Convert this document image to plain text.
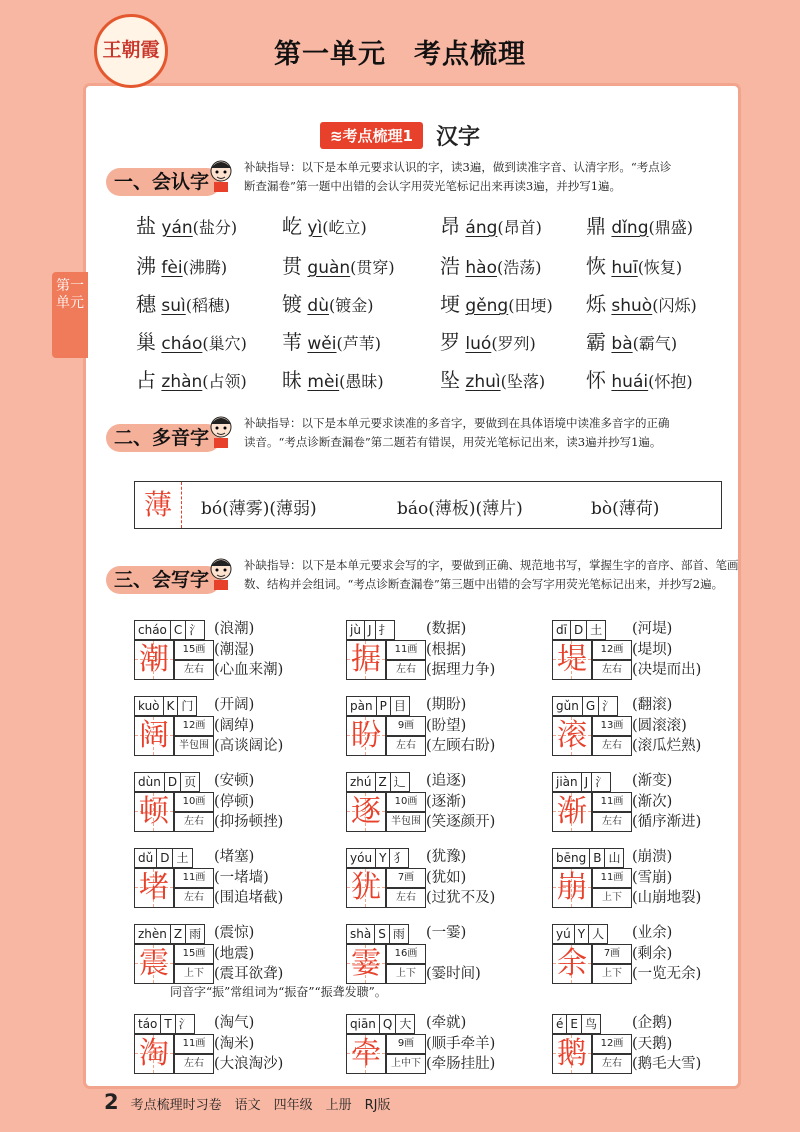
王朝霞	第一单元　考点梳理
第一单元
≋考点梳理1 汉字
一、会认字
补缺指导：以下是本单元要求认识的字，读3遍，做到读准字音、认清字形。“考点诊
断查漏卷”第一题中出错的会认字用荧光笔标记出来再读3遍，并抄写1遍。
盐 yán(盐分) 屹 yì(屹立)	昂 áng(昂首) 鼎 dǐng(鼎盛)
沸 fèi(沸腾)	贯 guàn(贯穿) 浩 hào(浩荡) 恢 huī(恢复)
穗 suì(稻穗)	镀 dù(镀金)	埂 gěng(田埂) 烁 shuò(闪烁)
巢 cháo(巢穴) 苇 wěi(芦苇)	罗 luó(罗列)	霸 bà(霸气)
占 zhàn(占领) 昧 mèi(愚昧)	坠 zhuì(坠落) 怀 huái(怀抱)
二、多音字
补缺指导：以下是本单元要求读准的多音字，要做到在具体语境中读准多音字的正确
读音。“考点诊断查漏卷”第二题若有错误，用荧光笔标记出来，读3遍并抄写1遍。
薄	bó(薄雾)(薄弱)	báo(薄板)(薄片)	bò(薄荷)
三、会写字
补缺指导：以下是本单元要求会写的字，要做到正确、规范地书写，掌握生字的音序、部首、笔画
数、结构并会组词。“考点诊断查漏卷”第三题中出错的会写字用荧光笔标记出来，并抄写2遍。
cháo C 氵
潮	15画
左右
(浪潮)
(潮湿)
(心血来潮)
jù J 扌
据	11画
左右
(数据)
(根据)
(据理力争)
dī D 土
堤	12画
左右
(河堤)
(堤坝)
(决堤而出)
kuò K 门
阔	12画
半包围
(开阔)
(阔绰)
(高谈阔论)
pàn P 目
盼	9画
左右
(期盼)
(盼望)
(左顾右盼)
gǔn G 氵
滚	13画
左右
(翻滚)
(圆滚滚)
(滚瓜烂熟)
dùn D 页
顿	10画
左右
(安顿)
(停顿)
(抑扬顿挫)
zhú Z 辶
逐	10画
半包围
(追逐)
(逐渐)
(笑逐颜开)
jiàn J 氵
渐	11画
左右
(渐变)
(渐次)
(循序渐进)
dǔ D 土
堵	11画
左右
(堵塞)
(一堵墙)
(围追堵截)
yóu Y 犭
犹	7画
左右
(犹豫)
(犹如)
(过犹不及)
bēng B 山
崩	11画
上下
(崩溃)
(雪崩)
(山崩地裂)
zhèn Z 雨
震	15画
上下
(震惊)
(地震)
(震耳欲聋)
shà S 雨
霎	16画
上下
(一霎)
(霎时间)
yú Y 人
余	7画
上下
(业余)
(剩余)
(一览无余)
táo T 氵
淘	11画
左右
(淘气)
(淘米)
(大浪淘沙)
qiān Q 大
牵	9画
上中下
(牵就)
(顺手牵羊)
(牵肠挂肚)
é E 鸟
鹅	12画
左右
(企鹅)
(天鹅)
(鹅毛大雪)
同音字“振”常组词为“振奋”“振聋发聩”。
2 考点梳理时习卷　语文　四年级　上册　RJ版
